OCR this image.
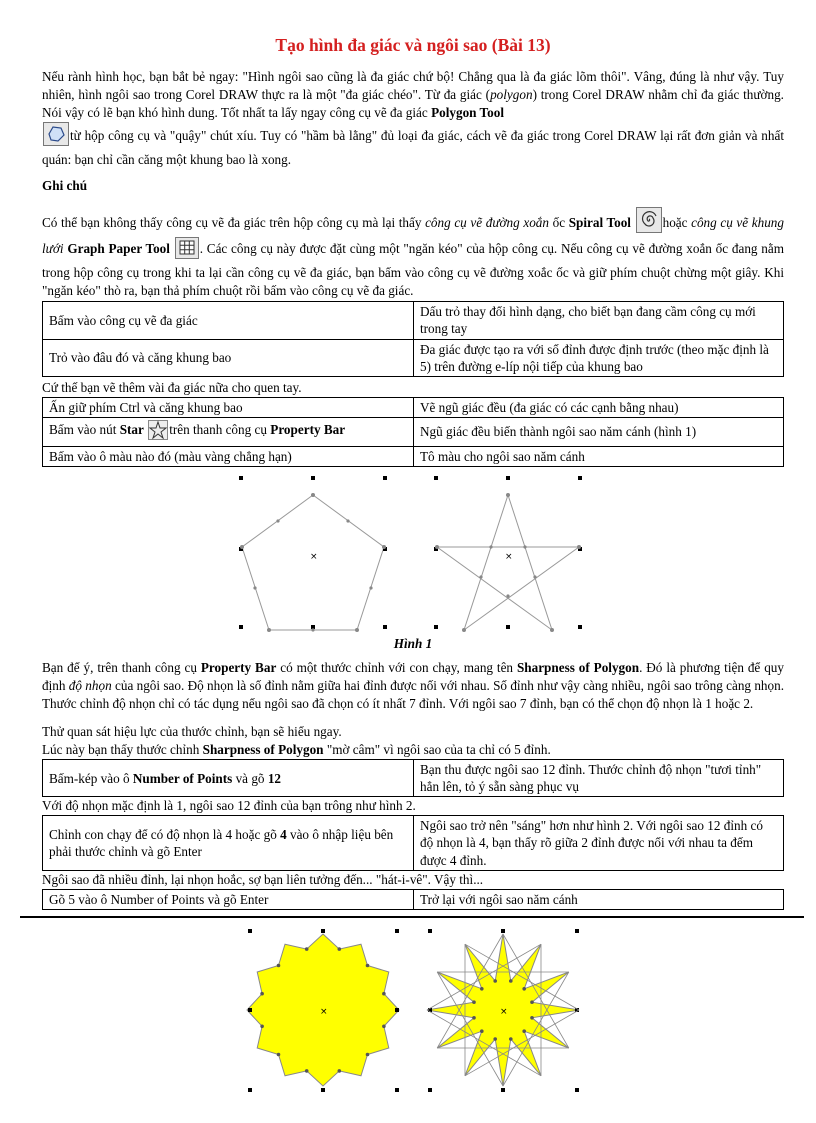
Tạo hình đa giác và ngôi sao (Bài 13)

Nếu rành hình học, bạn bắt bẻ ngay: "Hình ngôi sao cũng là đa giác chứ bộ! Chẳng qua là đa giác lõm thôi". Vâng, đúng là như vậy. Tuy nhiên, hình ngôi sao trong Corel DRAW thực ra là một "đa giác chéo". Từ đa giác (polygon) trong Corel DRAW nhằm chỉ đa giác thường. Nói vậy có lẽ bạn khó hình dung. Tốt nhất ta lấy ngay công cụ vẽ đa giác Polygon Tool
từ hộp công cụ và "quậy" chút xíu. Tuy có "hầm bà lằng" đủ loại đa giác, cách vẽ đa giác trong Corel DRAW lại rất đơn giản và nhất quán: bạn chỉ cần căng một khung bao là xong.

Ghi chú

Có thể bạn không thấy công cụ vẽ đa giác trên hộp công cụ mà lại thấy công cụ vẽ đường xoắn ốc Spiral Tool hoặc công cụ vẽ khung lưới Graph Paper Tool . Các công cụ này được đặt cùng một "ngăn kéo" của hộp công cụ. Nếu công cụ vẽ đường xoắn ốc đang nằm trong hộp công cụ trong khi ta lại cần công cụ vẽ đa giác, bạn bấm vào công cụ vẽ đường xoắc ốc và giữ phím chuột chừng một giây. Khi "ngăn kéo" thò ra, bạn thả phím chuột rồi bấm vào công cụ vẽ đa giác.

Bấm vào công cụ vẽ đa giác	Dấu trỏ thay đổi hình dạng, cho biết bạn đang cầm công cụ mới trong tay
Trỏ vào đâu đó và căng khung bao	Đa giác được tạo ra với số đỉnh được định trước (theo mặc định là 5) trên đường e-líp nội tiếp của khung bao

Cứ thế bạn vẽ thêm vài đa giác nữa cho quen tay.

Ấn giữ phím Ctrl và căng khung bao	Vẽ ngũ giác đều (đa giác có các cạnh bằng nhau)
Bấm vào nút Star trên thanh công cụ Property Bar	Ngũ giác đều biến thành ngôi sao năm cánh (hình 1)
Bấm vào ô màu nào đó (màu vàng chẳng hạn)	Tô màu cho ngôi sao năm cánh
×	×

Hình 1

Bạn để ý, trên thanh công cụ Property Bar có một thước chỉnh với con chạy, mang tên Sharpness of Polygon. Đó là phương tiện để quy định độ nhọn của ngôi sao. Độ nhọn là số đỉnh nằm giữa hai đỉnh được nối với nhau. Số đỉnh như vậy càng nhiều, ngôi sao trông càng nhọn. Thước chỉnh độ nhọn chỉ có tác dụng nếu ngôi sao đã chọn có ít nhất 7 đỉnh. Với ngôi sao 7 đỉnh, bạn có thể chọn độ nhọn là 1 hoặc 2.

Thử quan sát hiệu lực của thước chỉnh, bạn sẽ hiểu ngay.

Lúc này bạn thấy thước chỉnh Sharpness of Polygon "mờ câm" vì ngôi sao của ta chỉ có 5 đỉnh.

Bấm-kép vào ô Number of Points và gõ 12	Bạn thu được ngôi sao 12 đỉnh. Thước chỉnh độ nhọn "tươi tỉnh" hẳn lên, tỏ ý sẵn sàng phục vụ

Với độ nhọn mặc định là 1, ngôi sao 12 đỉnh của bạn trông như hình 2.

Chỉnh con chạy để có độ nhọn là 4 hoặc gõ 4 vào ô nhập liệu bên phải thước chỉnh và gõ Enter	Ngôi sao trở nên "sáng" hơn như hình 2. Với ngôi sao 12 đỉnh có độ nhọn là 4, bạn thấy rõ giữa 2 đỉnh được nối với nhau ta đếm được 4 đỉnh.

Ngôi sao đã nhiều đỉnh, lại nhọn hoắc, sợ bạn liên tưởng đến... "hát-i-vê". Vậy thì...

Gõ 5 vào ô Number of Points và gõ Enter	Trở lại với ngôi sao năm cánh
×	×
